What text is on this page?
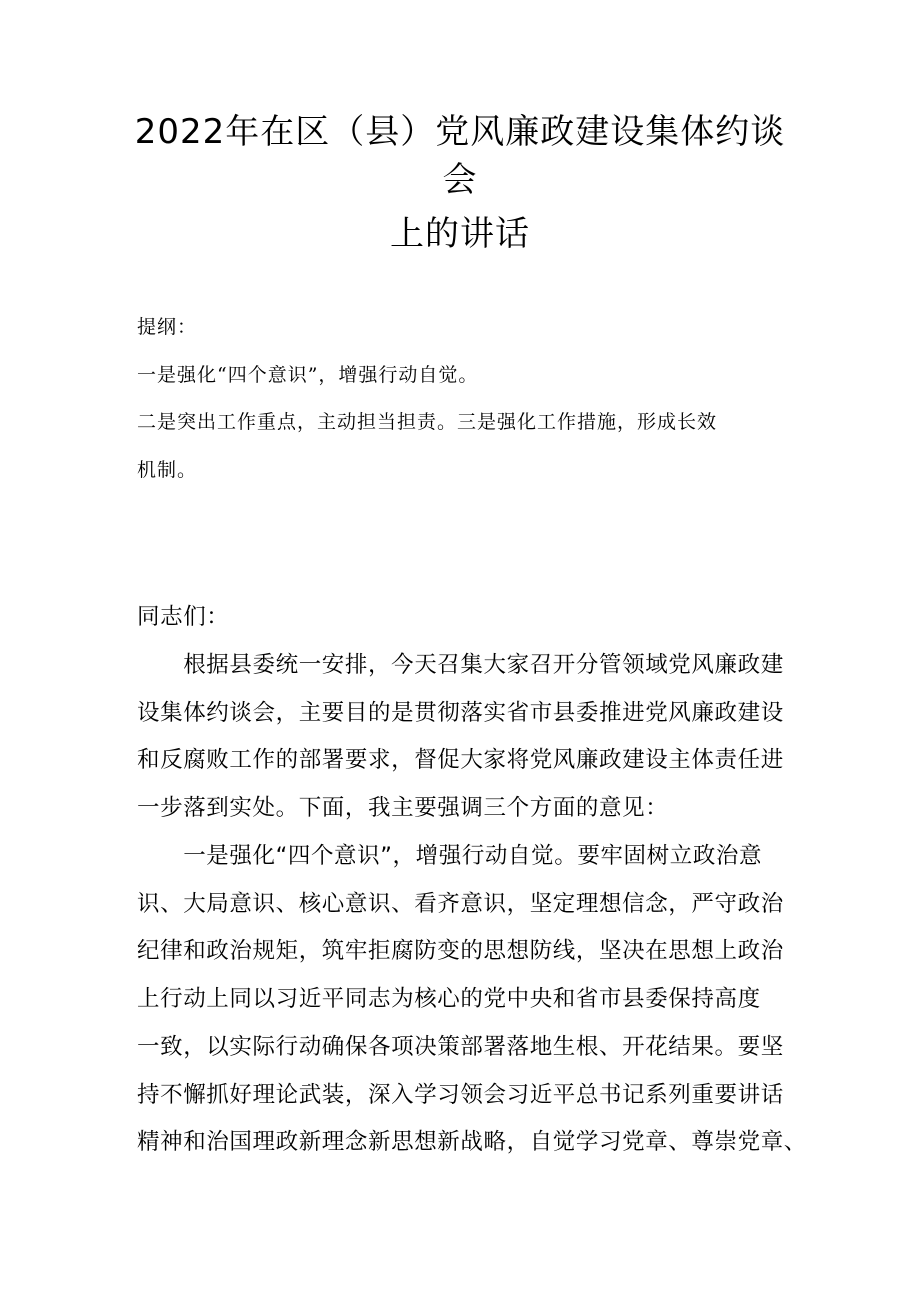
2022年在区（县）党风廉政建设集体约谈
会
上的讲话
提纲：
一是强化“四个意识”，增强行动自觉。
二是突出工作重点，主动担当担责。三是强化工作措施，形成长效
机制。
同志们：
　　根据县委统一安排，今天召集大家召开分管领域党风廉政建
设集体约谈会，主要目的是贯彻落实省市县委推进党风廉政建设
和反腐败工作的部署要求，督促大家将党风廉政建设主体责任进
一步落到实处。下面，我主要强调三个方面的意见：
　　一是强化“四个意识”，增强行动自觉。要牢固树立政治意
识、大局意识、核心意识、看齐意识，坚定理想信念，严守政治
纪律和政治规矩，筑牢拒腐防变的思想防线，坚决在思想上政治
上行动上同以习近平同志为核心的党中央和省市县委保持高度
一致，以实际行动确保各项决策部署落地生根、开花结果。要坚
持不懈抓好理论武装，深入学习领会习近平总书记系列重要讲话
精神和治国理政新理念新思想新战略，自觉学习党章、尊崇党章、
